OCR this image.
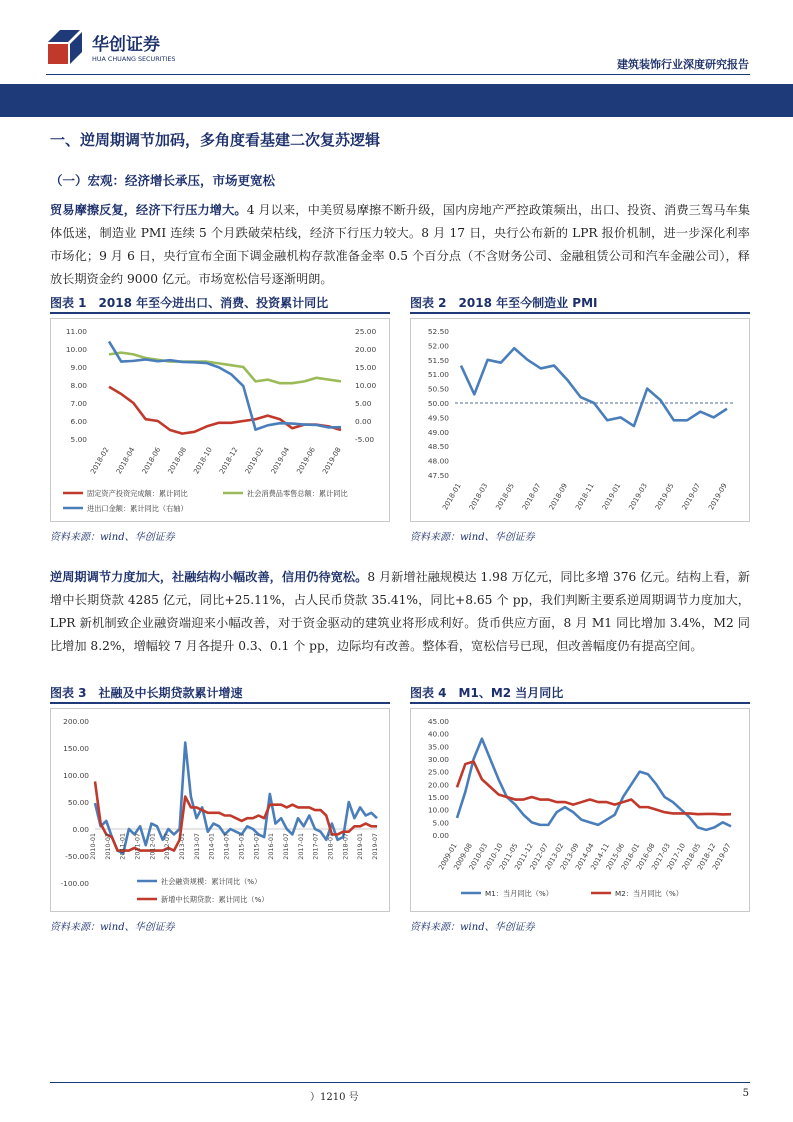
华创证券
HUA CHUANG SECURITIES	建筑装饰行业深度研究报告
一、逆周期调节加码，多角度看基建二次复苏逻辑
（一）宏观：经济增长承压，市场更宽松
贸易摩擦反复，经济下行压力增大。4 月以来，中美贸易摩擦不断升级，国内房地产严控政策频出，出口、投资、消费三驾马车集体低迷，制造业 PMI 连续 5 个月跌破荣枯线，经济下行压力较大。8 月 17 日，央行公布新的 LPR 报价机制，进一步深化利率市场化；9 月 6 日，央行宣布全面下调金融机构存款准备金率 0.5 个百分点（不含财务公司、金融租赁公司和汽车金融公司），释放长期资金约 9000 亿元。市场宽松信号逐渐明朗。
图表 1　2018 年至今进出口、消费、投资累计同比
11.00
10.00
9.00
8.00
7.00
6.00
5.00
25.00
20.00
15.00
10.00
5.00
0.00
-5.00
2018-02 2018-04 2018-06 2018-08 2018-10 2018-12 2019-02 2019-04 2019-06 2019-08
固定资产投资完成额：累计同比	社会消费品零售总额：累计同比
进出口金额：累计同比（右轴）
资料来源：wind、华创证券
图表 2　2018 年至今制造业 PMI
52.50
52.00
51.50
51.00
50.50
50.00
49.50
49.00
48.50
48.00
47.50
2018-01 2018-03 2018-05 2018-07 2018-09 2018-11 2019-01 2019-03 2019-05 2019-07 2019-09
资料来源：wind、华创证券
逆周期调节力度加大，社融结构小幅改善，信用仍待宽松。8 月新增社融规模达 1.98 万亿元，同比多增 376 亿元。结构上看，新增中长期贷款 4285 亿元，同比+25.11%，占人民币贷款 35.41%，同比+8.65 个 pp，我们判断主要系逆周期调节力度加大，LPR 新机制致企业融资端迎来小幅改善，对于资金驱动的建筑业将形成利好。货币供应方面，8 月 M1 同比增加 3.4%，M2 同比增加 8.2%，增幅较 7 月各提升 0.3、0.1 个 pp，边际均有改善。整体看，宽松信号已现，但改善幅度仍有提高空间。
图表 3　社融及中长期贷款累计增速
200.00
150.00
100.00
50.00
0.00
-50.00
-100.00
2010-01 2010-07 2011-01 2011-07 2012-01 2012-07 2013-01 2013-07 2014-01 2014-07 2015-01 2015-07 2016-01 2016-07 2017-01 2017-07 2018-01 2018-07 2019-01 2019-07
社会融资规模：累计同比（%）
新增中长期贷款：累计同比（%）
资料来源：wind、华创证券
图表 4　M1、M2 当月同比
45.00
40.00
35.00
30.00
25.00
20.00
15.00
10.00
5.00
0.00
2009-01
2009-08
2010-03
2010-10
2011-05
2011-12
2012-07
2013-02
2013-09
2014-04
2014-11
2015-06
2016-01
2016-08
2017-03
2017-10
2018-05
2018-12
2019-07
M1：当月同比（%）	M2：当月同比（%）
资料来源：wind、华创证券
）1210 号	5
